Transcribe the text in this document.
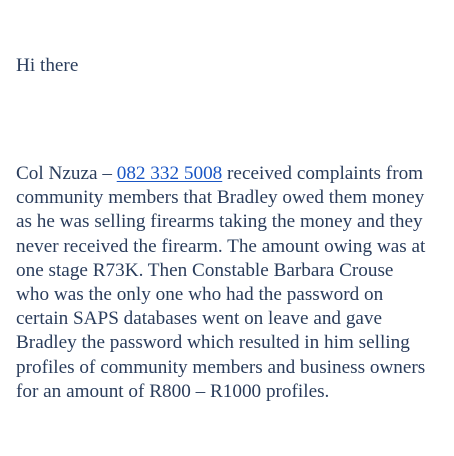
Hi there

Col Nzuza – 082 332 5008 received complaints from
community members that Bradley owed them money
as he was selling firearms taking the money and they
never received the firearm. The amount owing was at
one stage R73K. Then Constable Barbara Crouse
who was the only one who had the password on
certain SAPS databases went on leave and gave
Bradley the password which resulted in him selling
profiles of community members and business owners
for an amount of R800 – R1000 profiles.
